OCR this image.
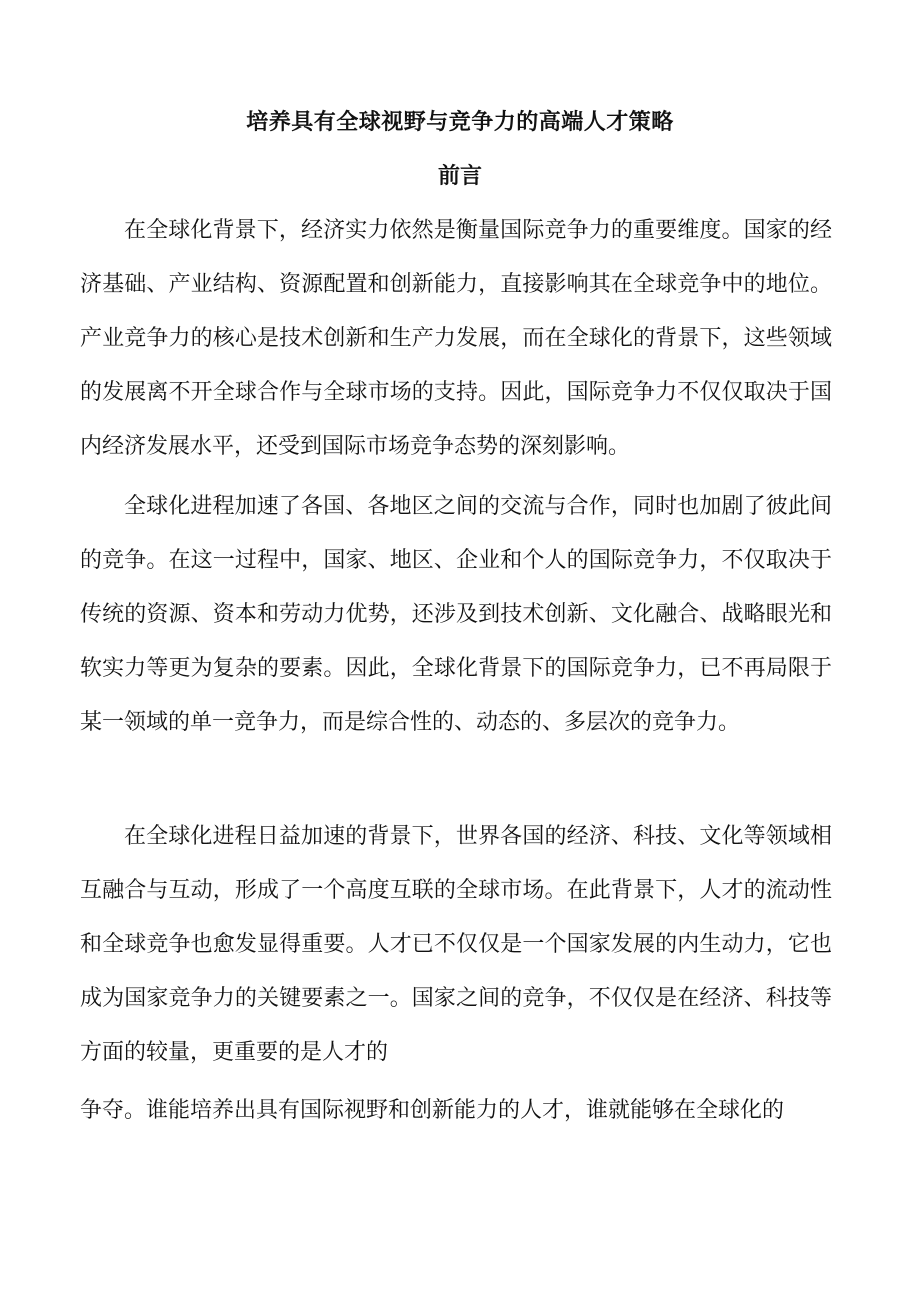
培养具有全球视野与竞争力的高端人才策略
前言

在全球化背景下，经济实力依然是衡量国际竞争力的重要维度。国家的经济基础、产业结构、资源配置和创新能力，直接影响其在全球竞争中的地位。产业竞争力的核心是技术创新和生产力发展，而在全球化的背景下，这些领域的发展离不开全球合作与全球市场的支持。因此，国际竞争力不仅仅取决于国内经济发展水平，还受到国际市场竞争态势的深刻影响。

全球化进程加速了各国、各地区之间的交流与合作，同时也加剧了彼此间的竞争。在这一过程中，国家、地区、企业和个人的国际竞争力，不仅取决于传统的资源、资本和劳动力优势，还涉及到技术创新、文化融合、战略眼光和软实力等更为复杂的要素。因此，全球化背景下的国际竞争力，已不再局限于某一领域的单一竞争力，而是综合性的、动态的、多层次的竞争力。

在全球化进程日益加速的背景下，世界各国的经济、科技、文化等领域相互融合与互动，形成了一个高度互联的全球市场。在此背景下，人才的流动性和全球竞争也愈发显得重要。人才已不仅仅是一个国家发展的内生动力，它也成为国家竞争力的关键要素之一。国家之间的竞争，不仅仅是在经济、科技等方面的较量，更重要的是人才的

争夺。谁能培养出具有国际视野和创新能力的人才，谁就能够在全球化的
